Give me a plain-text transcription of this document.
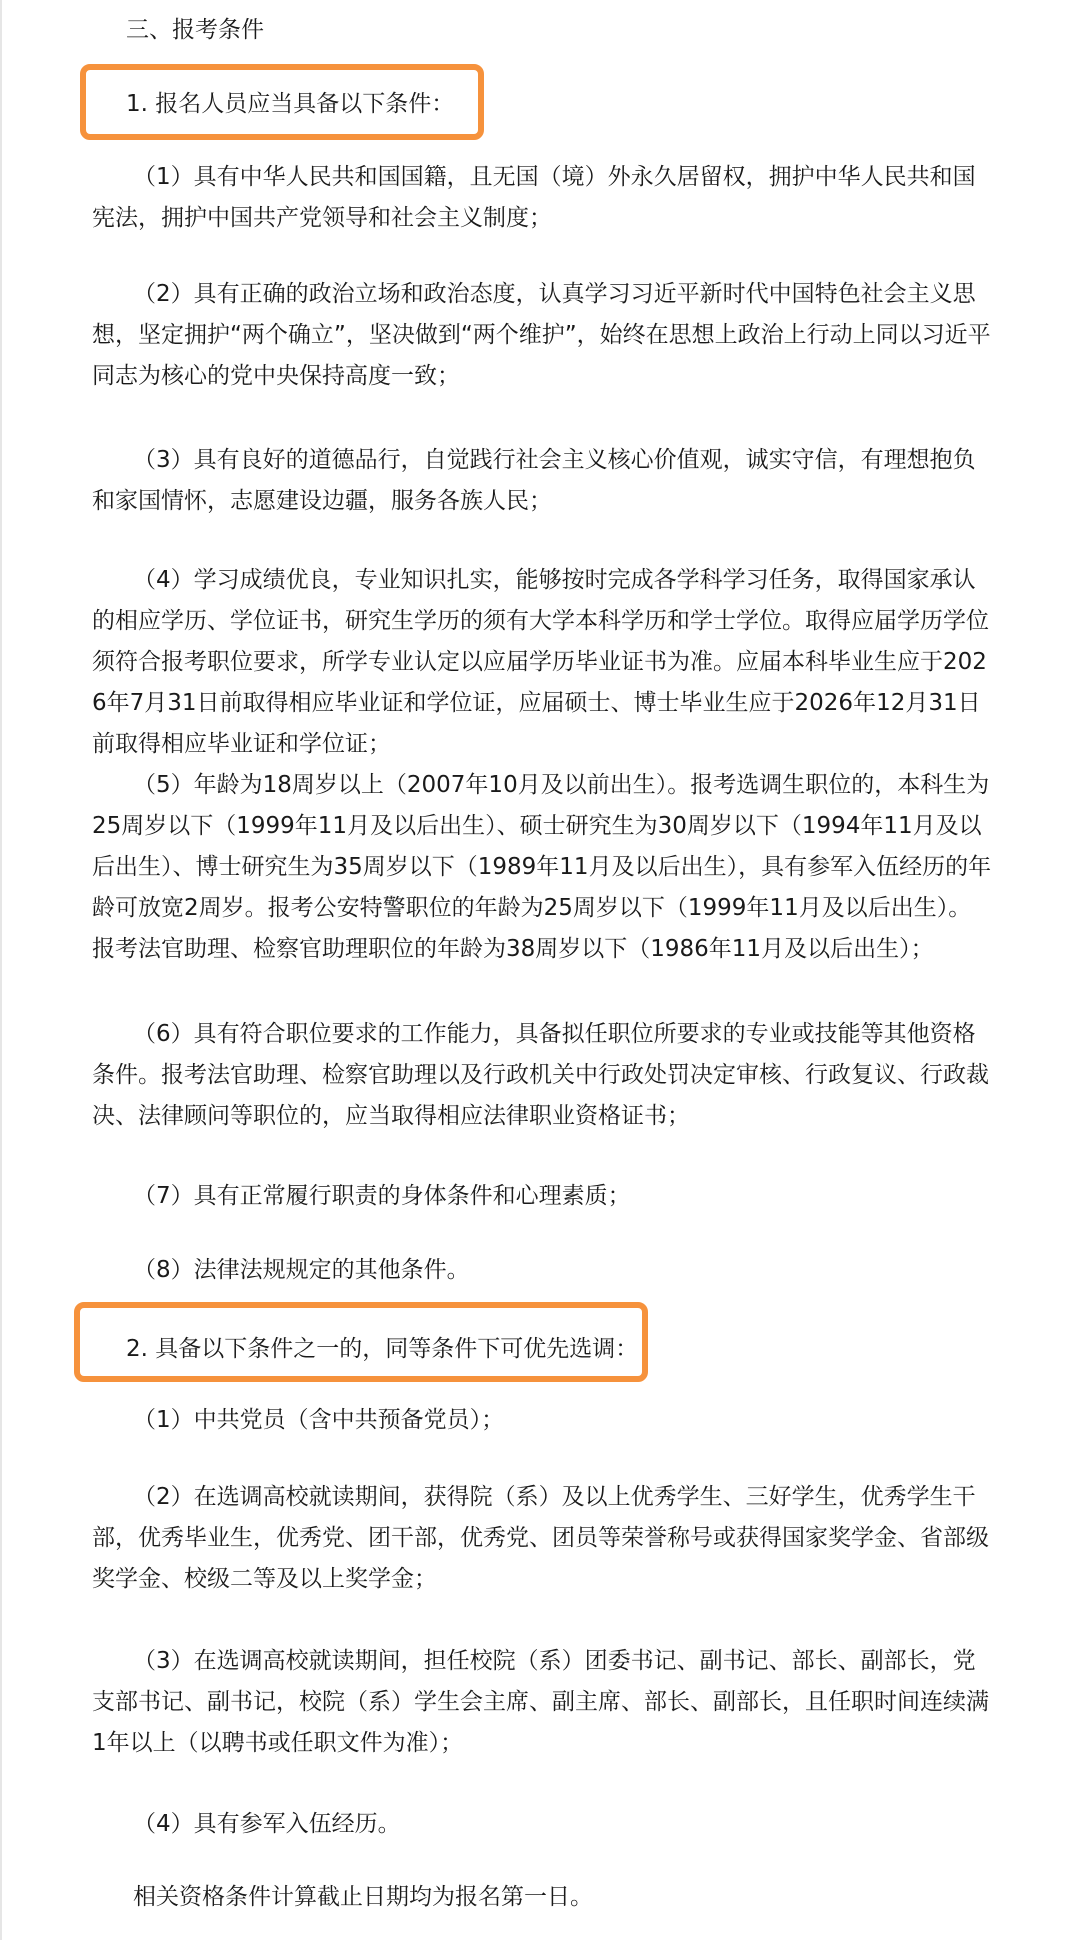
三、报考条件

1. 报名人员应当具备以下条件：

（1）具有中华人民共和国国籍，且无国（境）外永久居留权，拥护中华人民共和国宪法，拥护中国共产党领导和社会主义制度；

（2）具有正确的政治立场和政治态度，认真学习习近平新时代中国特色社会主义思想，坚定拥护“两个确立”，坚决做到“两个维护”，始终在思想上政治上行动上同以习近平同志为核心的党中央保持高度一致；

（3）具有良好的道德品行，自觉践行社会主义核心价值观，诚实守信，有理想抱负和家国情怀，志愿建设边疆，服务各族人民；

（4）学习成绩优良，专业知识扎实，能够按时完成各学科学习任务，取得国家承认的相应学历、学位证书，研究生学历的须有大学本科学历和学士学位。取得应届学历学位须符合报考职位要求，所学专业认定以应届学历毕业证书为准。应届本科毕业生应于2026年7月31日前取得相应毕业证和学位证，应届硕士、博士毕业生应于2026年12月31日前取得相应毕业证和学位证；

（5）年龄为18周岁以上（2007年10月及以前出生）。报考选调生职位的，本科生为25周岁以下（1999年11月及以后出生）、硕士研究生为30周岁以下（1994年11月及以后出生）、博士研究生为35周岁以下（1989年11月及以后出生），具有参军入伍经历的年龄可放宽2周岁。报考公安特警职位的年龄为25周岁以下（1999年11月及以后出生）。报考法官助理、检察官助理职位的年龄为38周岁以下（1986年11月及以后出生）；

（6）具有符合职位要求的工作能力，具备拟任职位所要求的专业或技能等其他资格条件。报考法官助理、检察官助理以及行政机关中行政处罚决定审核、行政复议、行政裁决、法律顾问等职位的，应当取得相应法律职业资格证书；

（7）具有正常履行职责的身体条件和心理素质；

（8）法律法规规定的其他条件。

2. 具备以下条件之一的，同等条件下可优先选调：

（1）中共党员（含中共预备党员）；

（2）在选调高校就读期间，获得院（系）及以上优秀学生、三好学生，优秀学生干部，优秀毕业生，优秀党、团干部，优秀党、团员等荣誉称号或获得国家奖学金、省部级奖学金、校级二等及以上奖学金；

（3）在选调高校就读期间，担任校院（系）团委书记、副书记、部长、副部长，党支部书记、副书记，校院（系）学生会主席、副主席、部长、副部长，且任职时间连续满1年以上（以聘书或任职文件为准）；

（4）具有参军入伍经历。

相关资格条件计算截止日期均为报名第一日。
